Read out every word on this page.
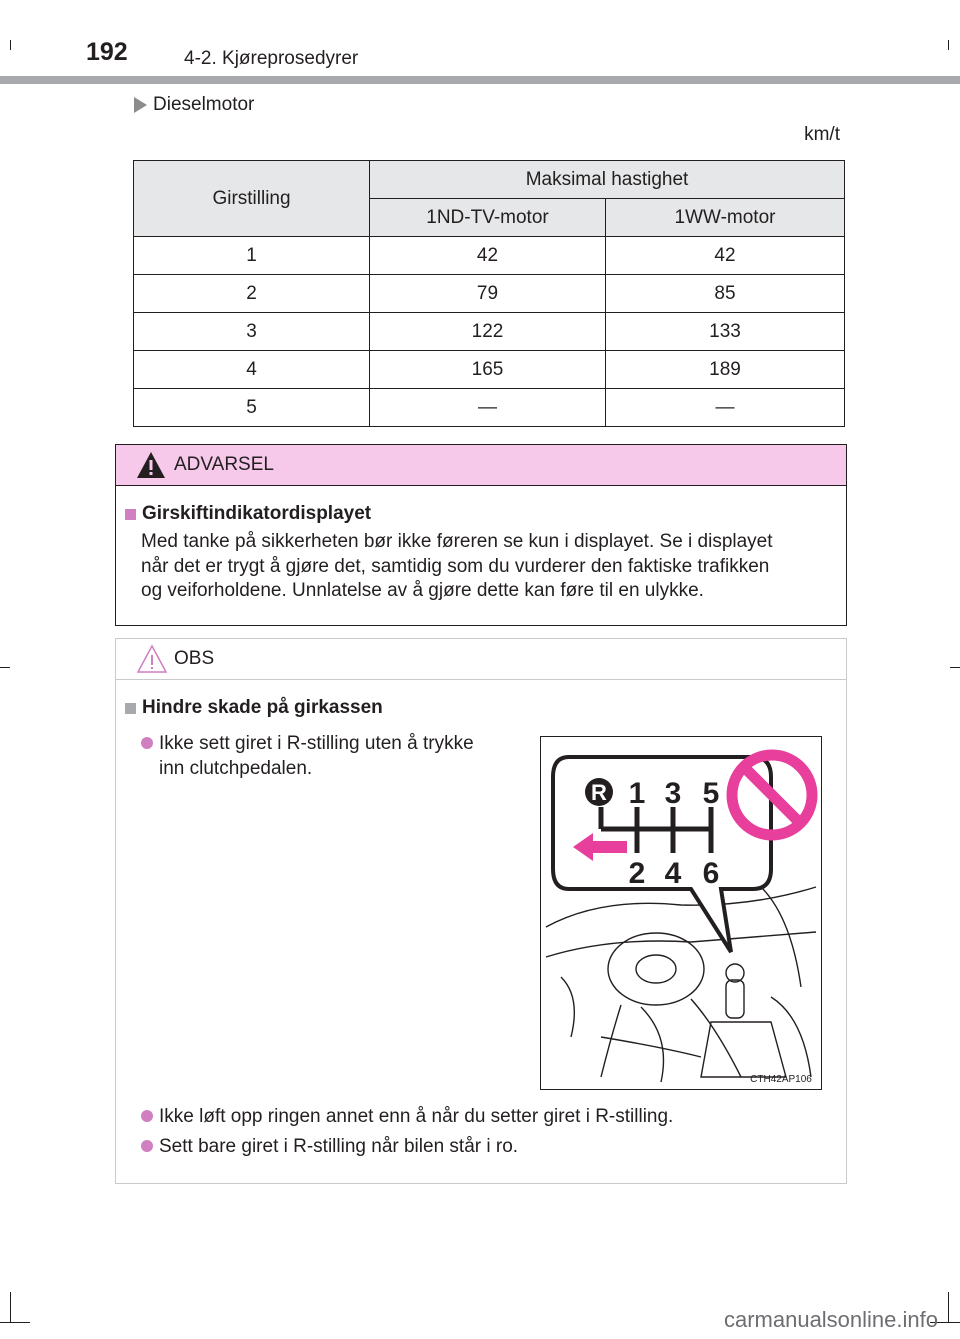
192	4-2. Kjøreprosedyrer
Dieselmotor
km/t
Girstilling	Maksimal hastighet	
	1ND-TV-motor	1WW-motor
1	42	42
2	79	85
3	122	133
4	165	189
5	—	—
ADVARSEL
Girskiftindikatordisplayet
Med tanke på sikkerheten bør ikke føreren se kun i displayet. Se i displayet
når det er trygt å gjøre det, samtidig som du vurderer den faktiske trafikken
og veiforholdene. Unnlatelse av å gjøre dette kan føre til en ulykke.
OBS
Hindre skade på girkassen
Ikke sett giret i R-stilling uten å trykke
inn clutchpedalen.
Ikke løft opp ringen annet enn å når du setter giret i R-stilling.
Sett bare giret i R-stilling når bilen står i ro.
R 1 3 5
2 4 6
CTH42AP106
carmanualsonline.info
